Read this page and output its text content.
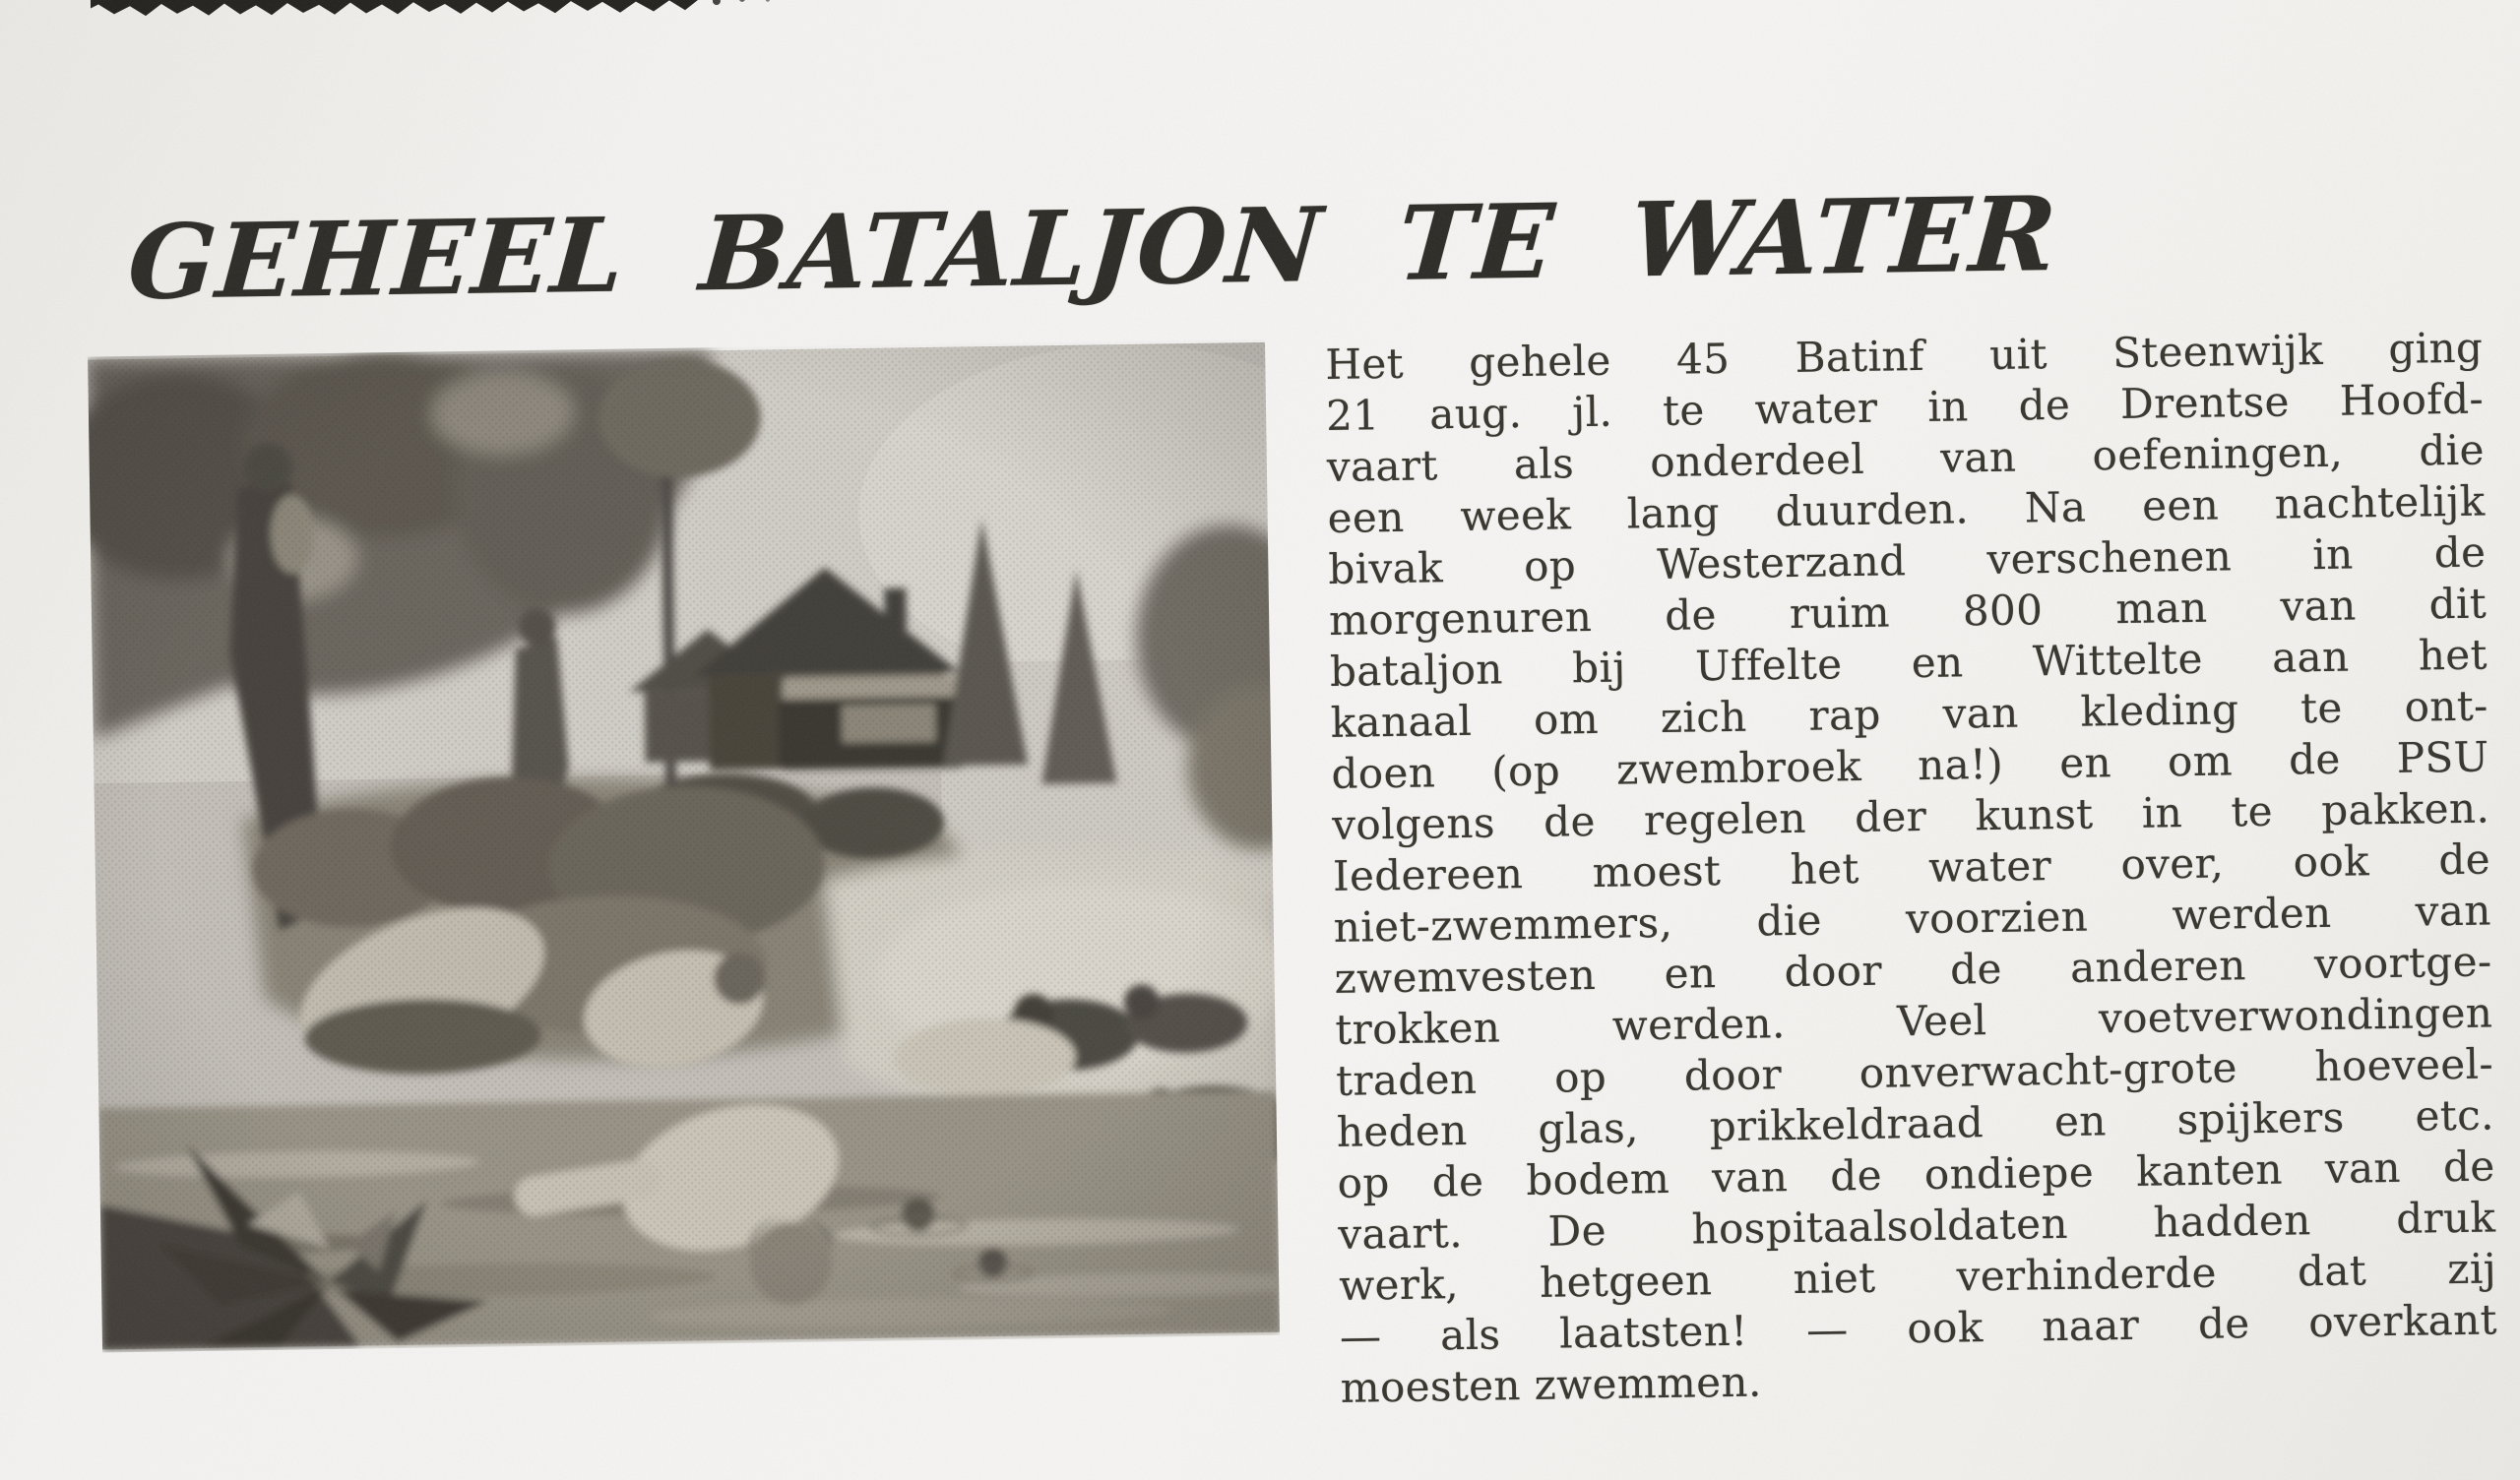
GEHEEL BATALJON TE WATER
Het gehele 45 Batinf uit Steenwijk ging
21 aug. jl. te water in de Drentse Hoofd-
vaart als onderdeel van oefeningen, die
een week lang duurden. Na een nachtelijk
bivak op Westerzand verschenen in de
morgenuren de ruim 800 man van dit
bataljon bij Uffelte en Wittelte aan het
kanaal om zich rap van kleding te ont-
doen (op zwembroek na!) en om de PSU
volgens de regelen der kunst in te pakken.
Iedereen moest het water over, ook de
niet-zwemmers, die voorzien werden van
zwemvesten en door de anderen voortge-
trokken werden. Veel voetverwondingen
traden op door onverwacht-grote hoeveel-
heden glas, prikkeldraad en spijkers etc.
op de bodem van de ondiepe kanten van de
vaart. De hospitaalsoldaten hadden druk
werk, hetgeen niet verhinderde dat zij
— als laatsten! — ook naar de overkant
moesten zwemmen.
